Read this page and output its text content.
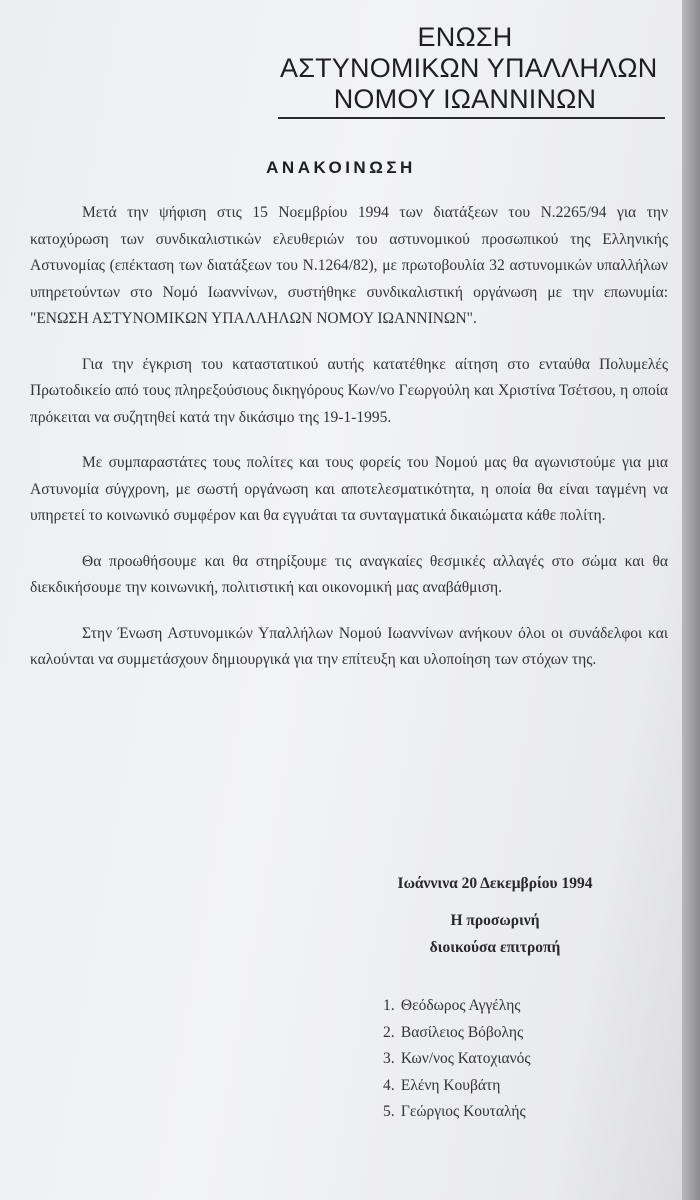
ΕΝΩΣΗ
ΑΣΤΥΝΟΜΙΚΩΝ ΥΠΑΛΛΗΛΩΝ
ΝΟΜΟΥ ΙΩΑΝΝΙΝΩΝ
ΑΝΑΚΟΙΝΩΣΗ

Μετά την ψήφιση στις 15 Νοεμβρίου 1994 των διατάξεων του Ν.2265/94 για την κατοχύρωση των συνδικαλιστικών ελευθεριών του αστυνομικού προσωπικού της Ελληνικής Αστυνομίας (επέκταση των διατάξεων του Ν.1264/82), με πρωτοβουλία 32 αστυνομικών υπαλλήλων υπηρετούντων στο Νομό Ιωαννίνων, συστήθηκε συνδικαλιστική οργάνωση με την επωνυμία: "ΕΝΩΣΗ ΑΣΤΥΝΟΜΙΚΩΝ ΥΠΑΛΛΗΛΩΝ ΝΟΜΟΥ ΙΩΑΝΝΙΝΩΝ".

Για την έγκριση του καταστατικού αυτής κατατέθηκε αίτηση στο ενταύθα Πολυμελές Πρωτοδικείο από τους πληρεξούσιους δικηγόρους Κων/νο Γεωργούλη και Χριστίνα Τσέτσου, η οποία πρόκειται να συζητηθεί κατά την δικάσιμο της 19-1-1995.

Με συμπαραστάτες τους πολίτες και τους φορείς του Νομού μας θα αγωνιστούμε για μια Αστυνομία σύγχρονη, με σωστή οργάνωση και αποτελεσματικότητα, η οποία θα είναι ταγμένη να υπηρετεί το κοινωνικό συμφέρον και θα εγγυάται τα συνταγματικά δικαιώματα κάθε πολίτη.

Θα προωθήσουμε και θα στηρίξουμε τις αναγκαίες θεσμικές αλλαγές στο σώμα και θα διεκδικήσουμε την κοινωνική, πολιτιστική και οικονομική μας αναβάθμιση.

Στην Ένωση Αστυνομικών Υπαλλήλων Νομού Ιωαννίνων ανήκουν όλοι οι συνάδελφοι και καλούνται να συμμετάσχουν δημιουργικά για την επίτευξη και υλοποίηση των στόχων της.

Ιωάννινα 20 Δεκεμβρίου 1994
Η προσωρινή
διοικούσα επιτροπή
1. Θεόδωρος Αγγέλης
2. Βασίλειος Βόβολης
3. Κων/νος Κατοχιανός
4. Ελένη Κουβάτη
5. Γεώργιος Κουταλής
